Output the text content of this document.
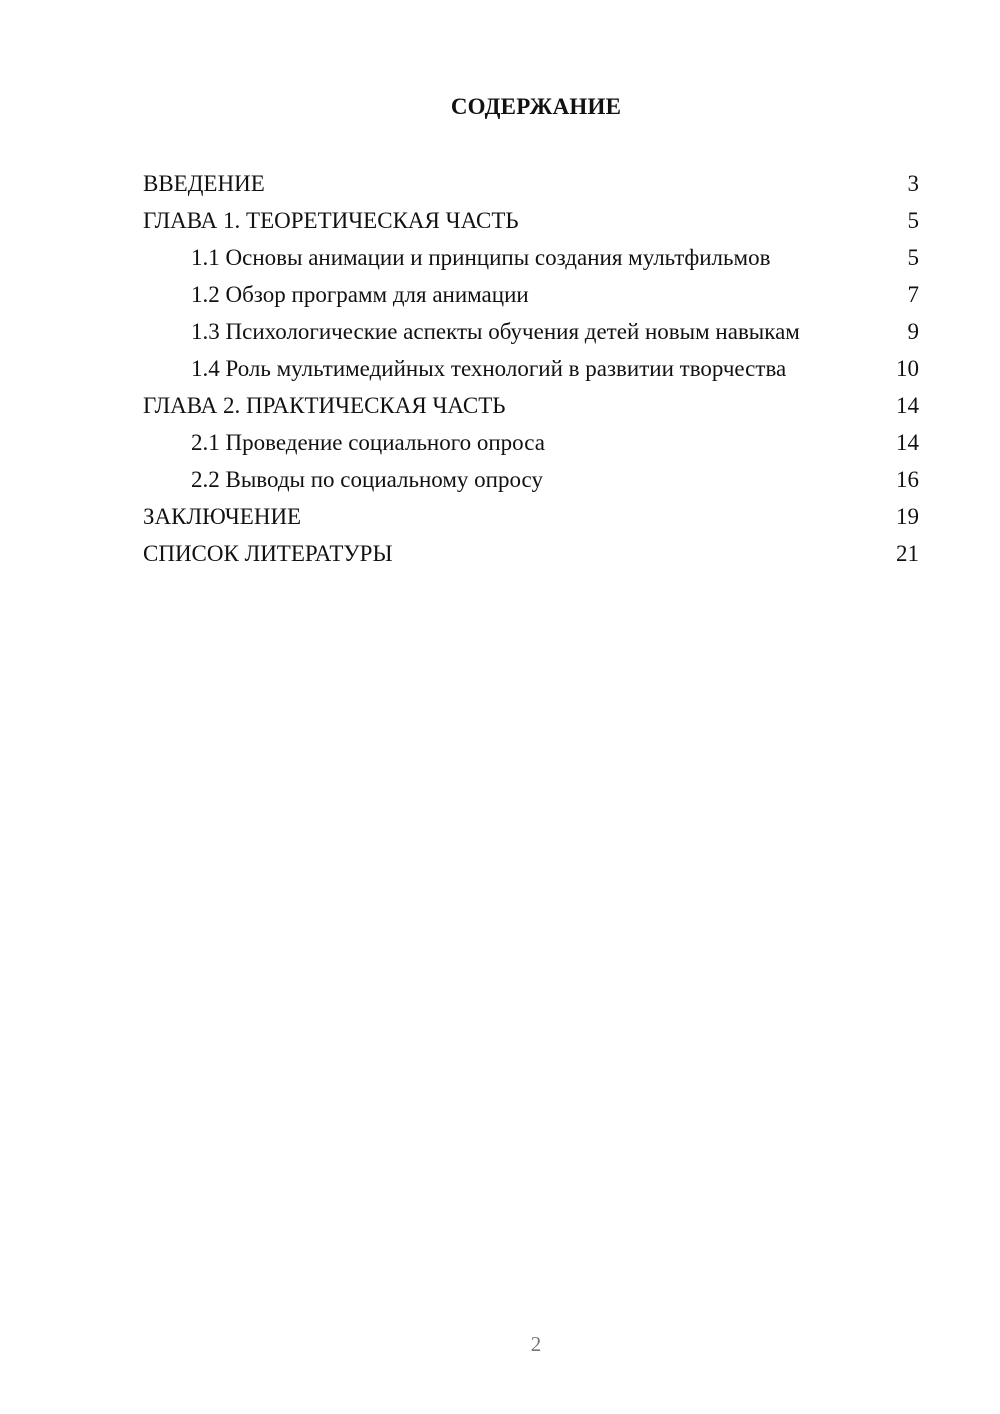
СОДЕРЖАНИЕ
ВВЕДЕНИЕ	3
ГЛАВА 1. ТЕОРЕТИЧЕСКАЯ ЧАСТЬ	5
1.1 Основы анимации и принципы создания мультфильмов	5
1.2 Обзор программ для анимации	7
1.3 Психологические аспекты обучения детей новым навыкам	9
1.4 Роль мультимедийных технологий в развитии творчества	10
ГЛАВА 2. ПРАКТИЧЕСКАЯ ЧАСТЬ	14
2.1 Проведение социального опроса	14
2.2 Выводы по социальному опросу	16
ЗАКЛЮЧЕНИЕ	19
СПИСОК ЛИТЕРАТУРЫ	21
2
